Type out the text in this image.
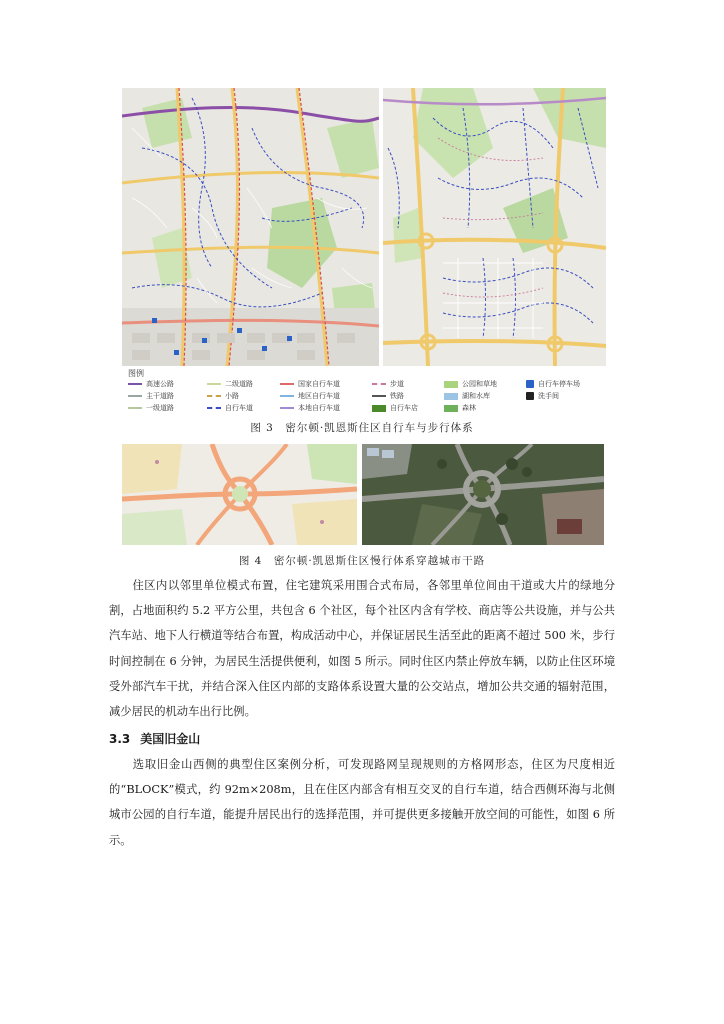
图例
高速公路
主干道路
一级道路
二级道路
小路
自行车道
国家自行车道
地区自行车道
本地自行车道
步道
铁路
自行车店
公园和草地
湖和水库
森林
自行车停车场
洗手间
图 3　密尔顿·凯恩斯住区自行车与步行体系
图 4　密尔顿·凯恩斯住区慢行体系穿越城市干路

住区内以邻里单位模式布置，住宅建筑采用围合式布局，各邻里单位间由干道或大片的绿地分割，占地面积约 5.2 平方公里，共包含 6 个社区，每个社区内含有学校、商店等公共设施，并与公共汽车站、地下人行横道等结合布置，构成活动中心，并保证居民生活至此的距离不超过 500 米，步行时间控制在 6 分钟，为居民生活提供便利，如图 5 所示。同时住区内禁止停放车辆，以防止住区环境受外部汽车干扰，并结合深入住区内部的支路体系设置大量的公交站点，增加公共交通的辐射范围，减少居民的机动车出行比例。

3.3 美国旧金山

选取旧金山西侧的典型住区案例分析，可发现路网呈现规则的方格网形态，住区为尺度相近的“BLOCK”模式，约 92m×208m，且在住区内部含有相互交叉的自行车道，结合西侧环海与北侧城市公园的自行车道，能提升居民出行的选择范围，并可提供更多接触开放空间的可能性，如图 6 所示。
